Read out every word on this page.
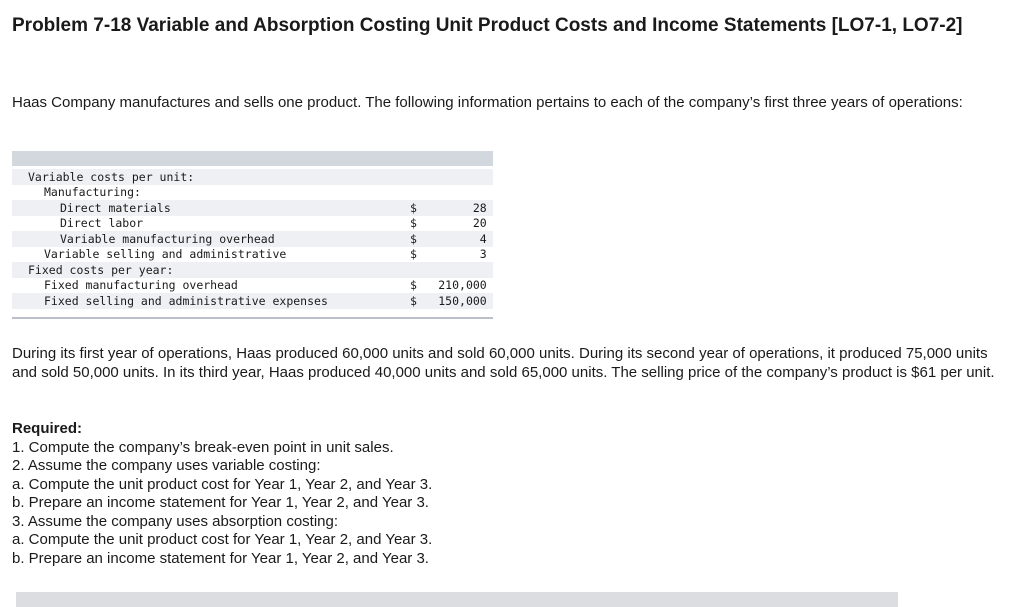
Problem 7-18 Variable and Absorption Costing Unit Product Costs and Income Statements [LO7-1, LO7-2]

Haas Company manufactures and sells one product. The following information pertains to each of the company’s first three years of operations:

Variable costs per unit:			
Manufacturing:			
Direct materials	$	28	
Direct labor	$	20	
Variable manufacturing overhead	$	4	
Variable selling and administrative	$	3	
Fixed costs per year:			
Fixed manufacturing overhead	$	210,000	
Fixed selling and administrative expenses	$	150,000	

During its first year of operations, Haas produced 60,000 units and sold 60,000 units. During its second year of operations, it produced 75,000 units and sold 50,000 units. In its third year, Haas produced 40,000 units and sold 65,000 units. The selling price of the company’s product is $61 per unit.

Required:

1. Compute the company’s break-even point in unit sales.
2. Assume the company uses variable costing:
a. Compute the unit product cost for Year 1, Year 2, and Year 3.
b. Prepare an income statement for Year 1, Year 2, and Year 3.
3. Assume the company uses absorption costing:
a. Compute the unit product cost for Year 1, Year 2, and Year 3.
b. Prepare an income statement for Year 1, Year 2, and Year 3.
